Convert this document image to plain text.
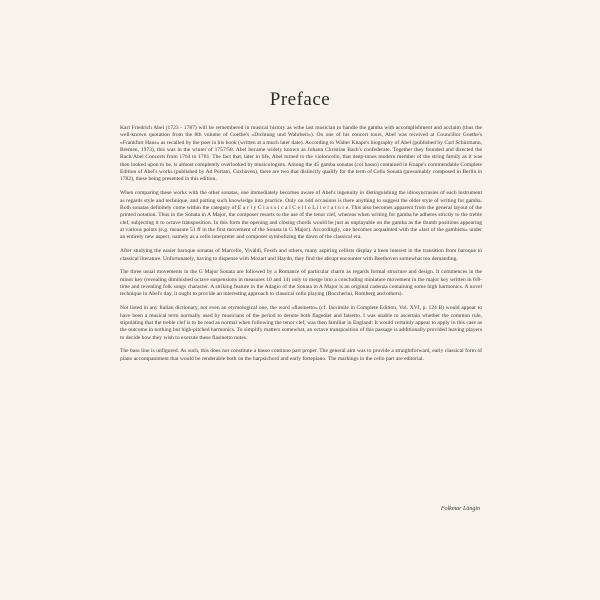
Preface

Karl Friedrich Abel (1723 - 1787) will be remembered in musical history as wthe last musician to handle the gamba with accomplishment and acclaim (thus the well-known quotation from the 8th volume of Goethe's »Dichtung und Wahrheit«). On one of his concert tours, Abel was received at Councillor Goethe's »Frankfurt Haus« as recalled by the poet in his book (written at a much later date). According to Walter Knape's biography of Abel (published by Carl Schürmann, Bremen, 1973), this was in the winter of 1757/58. Abel became widely known as Johann Christian Bach's confederate. Together they founded and directed the Bach/Abel Concerts from 1764 to 1781. The fact that, later in life, Abel turned to the violoncello, that deep-tones modern member of the string family as it was then looked upon to be, is almost completely overlooked by musicologists. Among the 45 gamba sonatas (col basso) contained in Knape's commendable Complete Edition of Abel's works (published by Ad Portam, Cuxhaven), there are two that distinctly qualify for the term of Cello Sonata (presumably composed in Berlin in 1782), these being presented in this edition.

When comparing these works with the other sonatas, one immediately becomes aware of Abel's ingenuity in distinguishing the idiosyncrasies of each instrument as regards style and technique, and putting such knowledge into practice. Only on odd occasions is there anything to suggest the older style of writing for gamba. Both sonatas definitely come within the category of E a r l y C l a s s i c a l C e l l o L i t e r a t u r e. This also becomes apparent from the general layout of the printed notation. Thus in the Sonata in A Major, the composer resorts to the use of the tenor clef, whereas when writing for gamba he adheres strictly to the treble clef, subjecting it to octave transposition. In this form the opening and closing chords would be just as unplayable on the gamba as the thumb positions appearing at various points (e.g. measure 51 ff in the first movement of the Sonata in G Major). Accordingly, one becomes acquainted with the »last of the gambists« under an entirely new aspect, namely as a cello interpreter and composer symbolizing the dawn of the classical era.

After studying the easier baroque sonatas of Marcello, Vivaldi, Fesch and others, many aspiring cellists display a keen interest in the transition from baroque to classical literature. Unfortunately, having to dispense with Mozart and Haydn, they find the abrupt encounter with Beethoven somewhat too demanding.

The three usual movements in the G Major Sonata are followed by a Romance of particular charm as regards formal structure and design. It commences in the minor key (revealing diminished octave suspensions in measures 10 and 14) only to merge into a concluding miniature movement in the major key written in 6/8-time and revealing folk songs character. A striking feature in the Adagio of the Sonata in A Major is an original cadenza containing some high harmonics. A novel technique in Abel's day, it ought to provide an interesting approach to classical cello playing (Boccherini, Romberg and others).

Not listed in any Italian dictionary, not even an etymological one, the word »flasinetto« (cf. facsimile in Complete Edition, Vol. XVI, p. 124 B) would appear to have been a musical term normally used by musicians of the period to denote both flageolet and falsetto. I was unable to ascertain whether the common rule, stipulating that the treble clef is to be read as normal when following the tenor clef, was then familiar in England: It would certainly appear to apply in this case as the outcome in nothing but high-pitched harmonics. To simplify matters somewhat, an octave transposition of this passage is additionally provided leaving players to decide how they wish to execute these flasinetto notes.

The bass line is unfigured. As such, this does not constitute a basso continuo part proper. The general aim was to provide a straightforward, early classical form of piano accompaniment that would be renderable both on the harpsichord and early fortepiano. The markings in the cello part are editorial.

Folkmar Längin
